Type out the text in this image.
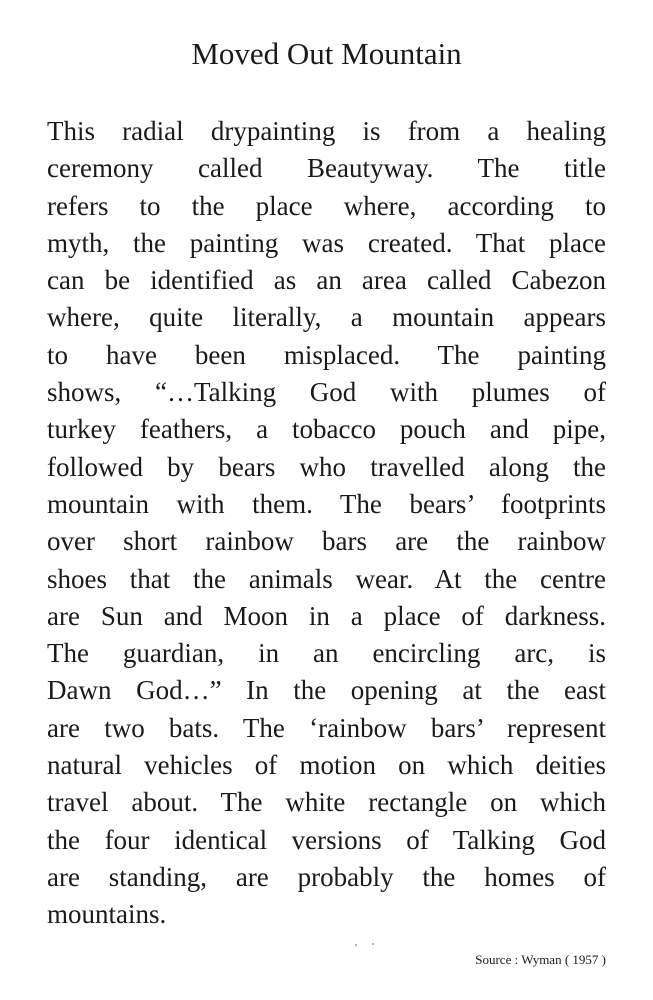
Moved Out Mountain
This radial drypainting is from a healing
ceremony called Beautyway. The title
refers to the place where, according to
myth, the painting was created. That place
can be identified as an area called Cabezon
where, quite literally, a mountain appears
to have been misplaced. The painting
shows, “…Talking God with plumes of
turkey feathers, a tobacco pouch and pipe,
followed by bears who travelled along the
mountain with them. The bears’ footprints
over short rainbow bars are the rainbow
shoes that the animals wear. At the centre
are Sun and Moon in a place of darkness.
The guardian, in an encircling arc, is
Dawn God…” In the opening at the east
are two bats. The ‘rainbow bars’ represent
natural vehicles of motion on which deities
travel about. The white rectangle on which
the four identical versions of Talking God
are standing, are probably the homes of
mountains.

Source : Wyman ( 1957 )
